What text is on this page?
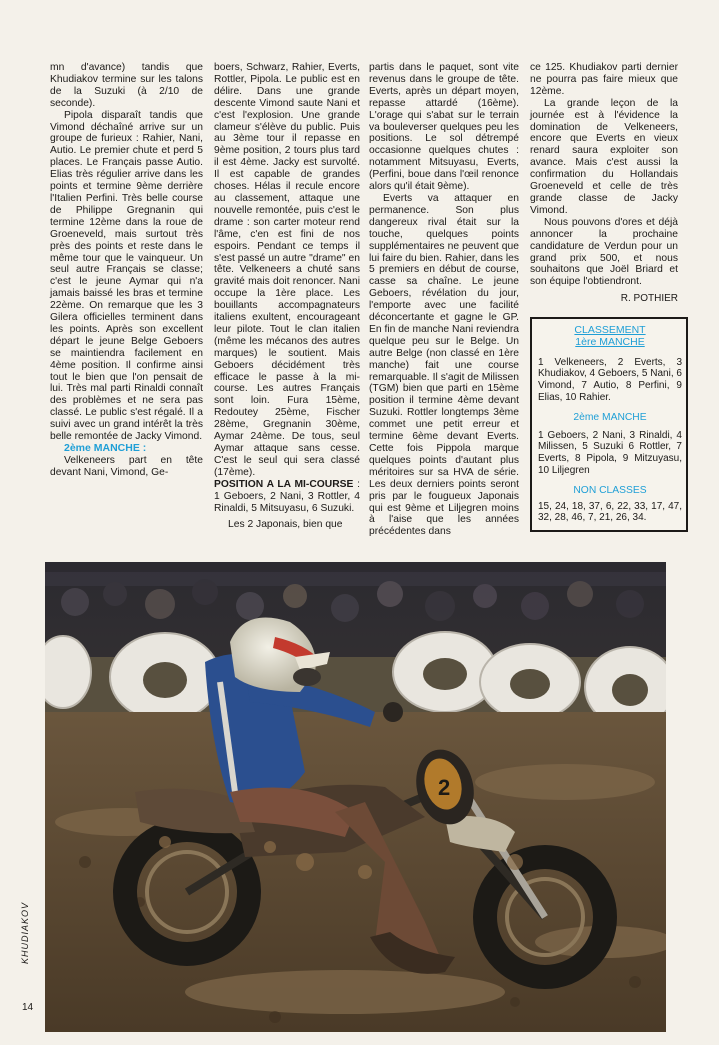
mn d'avance) tandis que Khudiakov termine sur les talons de la Suzuki (à 2/10 de seconde).

Pipola disparaît tandis que Vimond déchaîné arrive sur un groupe de furieux : Rahier, Nani, Autio. Le premier chute et perd 5 places. Le Français passe Autio. Elias très régulier arrive dans les points et termine 9ème derrière l'Italien Perfini. Très belle course de Philippe Gregnanin qui termine 12ème dans la roue de Groeneveld, mais surtout très près des points et reste dans le même tour que le vainqueur. Un seul autre Français se classe; c'est le jeune Aymar qui n'a jamais baissé les bras et termine 22ème. On remarque que les 3 Gilera officielles terminent dans les points. Après son excellent départ le jeune Belge Geboers se maintiendra facilement en 4ème position. Il confirme ainsi tout le bien que l'on pensait de lui. Très mal parti Rinaldi connaît des problèmes et ne sera pas classé. Le public s'est régalé. Il a suivi avec un grand intérêt la très belle remontée de Jacky Vimond.

2ème MANCHE :

Velkeneers part en tête devant Nani, Vimond, Ge-

boers, Schwarz, Rahier, Everts, Rottler, Pipola. Le public est en délire. Dans une grande descente Vimond saute Nani et c'est l'explosion. Une grande clameur s'élève du public. Puis au 3ème tour il repasse en 9ème position, 2 tours plus tard il est 4ème. Jacky est survolté. Il est capable de grandes choses. Hélas il recule encore au classement, attaque une nouvelle remontée, puis c'est le drame : son carter moteur rend l'âme, c'en est fini de nos espoirs. Pendant ce temps il s'est passé un autre "drame" en tête. Velkeneers a chuté sans gravité mais doit renoncer. Nani occupe la 1ère place. Les bouillants accompagnateurs italiens exultent, encourageant leur pilote. Tout le clan italien (même les mécanos des autres marques) le soutient. Mais Geboers décidément très efficace le passe à la mi-course. Les autres Français sont loin. Fura 15ème, Redoutey 25ème, Fischer 28ème, Gregnanin 30ème, Aymar 24ème. De tous, seul Aymar attaque sans cesse. C'est le seul qui sera classé (17ème).

POSITION A LA MI-COURSE : 1 Geboers, 2 Nani, 3 Rottler, 4 Rinaldi, 5 Mitsuyasu, 6 Suzuki.

Les 2 Japonais, bien que

partis dans le paquet, sont vite revenus dans le groupe de tête. Everts, après un départ moyen, repasse attardé (16ème). L'orage qui s'abat sur le terrain va bouleverser quelques peu les positions. Le sol détrempé occasionne quelques chutes : notamment Mitsuyasu, Everts, (Perfini, boue dans l'œil renonce alors qu'il était 9ème).

Everts va attaquer en permanence. Son plus dangereux rival était sur la touche, quelques points supplémentaires ne peuvent que lui faire du bien. Rahier, dans les 5 premiers en début de course, casse sa chaîne. Le jeune Geboers, révélation du jour, l'emporte avec une facilité déconcertante et gagne le GP. En fin de manche Nani reviendra quelque peu sur le Belge. Un autre Belge (non classé en 1ère manche) fait une course remarquable. Il s'agit de Milissen (TGM) bien que parti en 15ème position il termine 4ème devant Suzuki. Rottler longtemps 3ème commet une petit erreur et termine 6ème devant Everts. Cette fois Pippola marque quelques points d'autant plus méritoires sur sa HVA de série. Les deux derniers points seront pris par le fougueux Japonais qui est 9ème et Liljegren moins à l'aise que les années précédentes dans

ce 125. Khudiakov parti dernier ne pourra pas faire mieux que 12ème.

La grande leçon de la journée est à l'évidence la domination de Velkeneers, encore que Everts en vieux renard saura exploiter son avance. Mais c'est aussi la confirmation du Hollandais Groeneveld et celle de très grande classe de Jacky Vimond.

Nous pouvons d'ores et déjà annoncer la prochaine candidature de Verdun pour un grand prix 500, et nous souhaitons que Joël Briard et son équipe l'obtiendront.

R. POTHIER
CLASSEMENT
1ère MANCHE
1 Velkeneers, 2 Everts, 3 Khudiakov, 4 Geboers, 5 Nani, 6 Vimond, 7 Autio, 8 Perfini, 9 Elias, 10 Rahier.
2ème MANCHE
1 Geboers, 2 Nani, 3 Rinaldi, 4 Milissen, 5 Suzuki 6 Rottler, 7 Everts, 8 Pipola, 9 Mitzuyasu, 10 Liljegren
NON CLASSES
15, 24, 18, 37, 6, 22, 33, 17, 47, 32, 28, 46, 7, 21, 26, 34.
2
KHUDIAKOV
14
